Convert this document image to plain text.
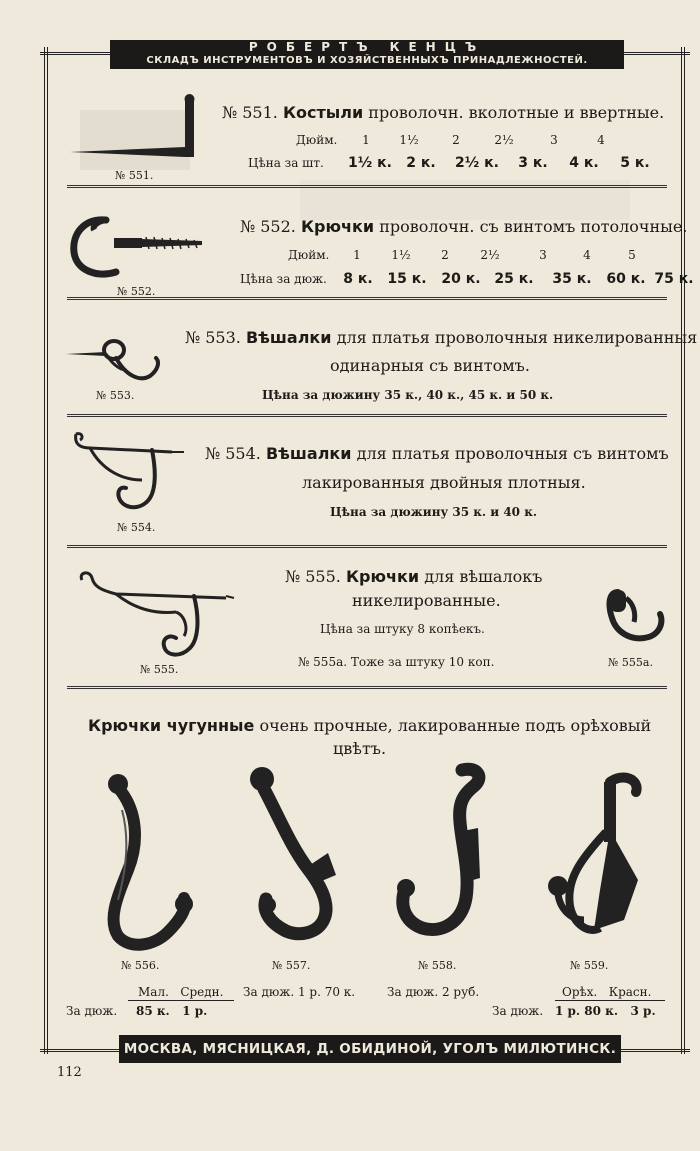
РОБЕРТЪ КЕНЦЪ
СКЛАДЪ ИНСТРУМЕНТОВЪ И ХОЗЯЙСТВЕННЫХЪ ПРИНАДЛЕЖНОСТЕЙ.
№ 551.
№ 551. Костыли проволочн. вколотные и ввертные.
Дюйм.	1	1½	2	2½	3	4
Цѣна за шт.	1½ к.	2 к.	2½ к.	3 к.	4 к.	5 к.
№ 552.
№ 552. Крючки проволочн. съ винтомъ потолочные.
Дюйм.	1	1½	2	2½	3	4	5
Цѣна за дюж.	8 к.	15 к.	20 к. 25 к.	35 к.	60 к. 75 к.
№ 553.
№ 553. Вѣшалки для платья проволочныя никелированныя
одинарныя съ винтомъ.
Цѣна за дюжину 35 к., 40 к., 45 к. и 50 к.
№ 554.
№ 554. Вѣшалки для платья проволочныя съ винтомъ
лакированныя двойныя плотныя.
Цѣна за дюжину 35 к. и 40 к.
№ 555.
№ 555а.
№ 555. Крючки для вѣшалокъ
никелированные.
Цѣна за штуку 8 копѣекъ.
№ 555а. Тоже за штуку 10 коп.
Крючки чугунные очень прочные, лакированные подъ орѣховый
цвѣтъ.
№ 556.	№ 557.	№ 558.	№ 559.
Мал.   Средн.
За дюж. 85 к.   1 р.
За дюж. 1 р. 70 к.	За дюж. 2 руб.	Орѣх.   Красн.
За дюж. 1 р. 80 к.   3 р.
МОСКВА, МЯСНИЦКАЯ, Д. ОБИДИНОЙ, УГОЛЪ МИЛЮТИНСК. ПЕР.
112
